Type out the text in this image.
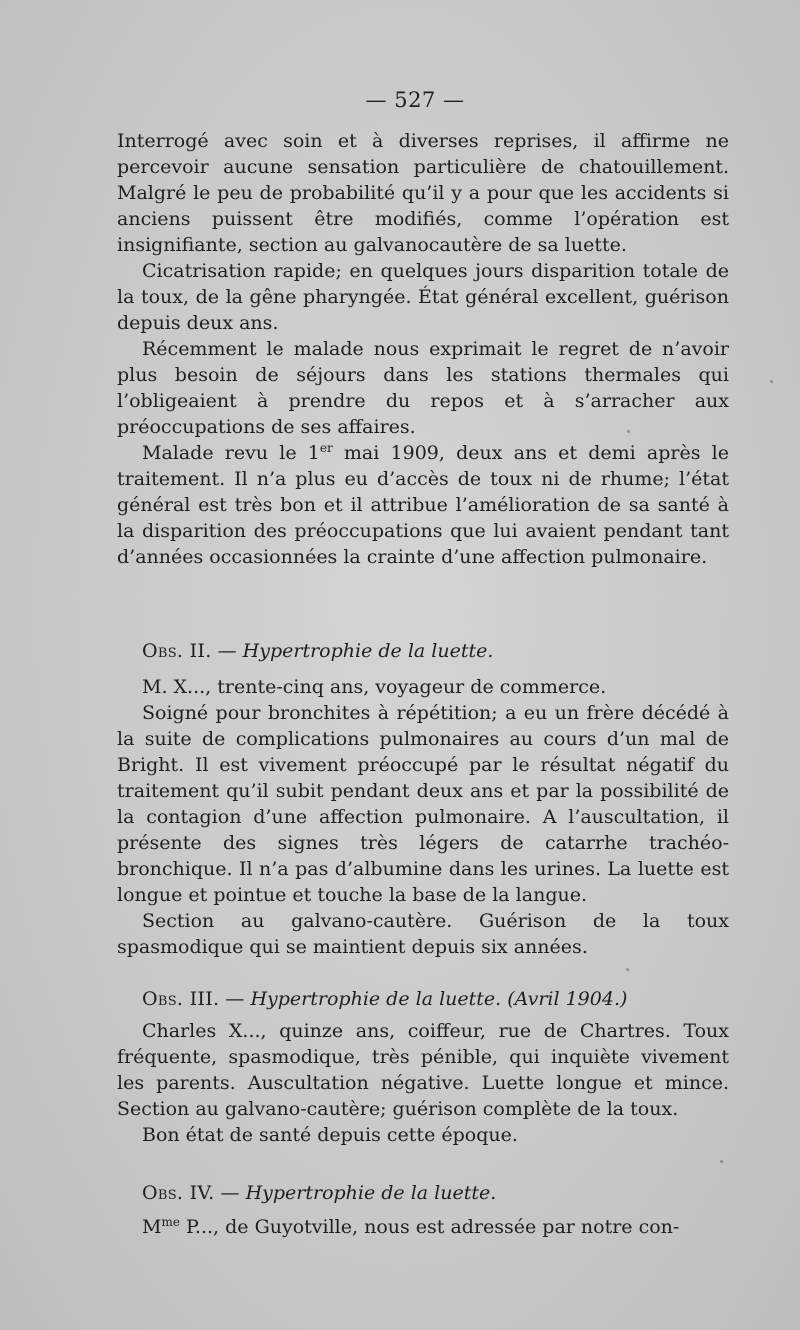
— 527 —

Interrogé avec soin et à diverses reprises, il affirme ne percevoir aucune sensation particulière de chatouillement. Malgré le peu de probabilité qu’il y a pour que les accidents si anciens puissent être modifiés, comme l’opération est insignifiante, section au galvanocautère de sa luette.

Cicatrisation rapide; en quelques jours disparition totale de la toux, de la gêne pharyngée. État général excellent, guérison depuis deux ans.

Récemment le malade nous exprimait le regret de n’avoir plus besoin de séjours dans les stations thermales qui l’obligeaient à prendre du repos et à s’arracher aux préoccupations de ses affaires.

Malade revu le 1er mai 1909, deux ans et demi après le traitement. Il n’a plus eu d’accès de toux ni de rhume; l’état général est très bon et il attribue l’amélioration de sa santé à la disparition des préoccupations que lui avaient pendant tant d’années occasionnées la crainte d’une affection pulmonaire.

Obs. II. — Hypertrophie de la luette.

M. X..., trente-cinq ans, voyageur de commerce.

Soigné pour bronchites à répétition; a eu un frère décédé à la suite de complications pulmonaires au cours d’un mal de Bright. Il est vivement préoccupé par le résultat négatif du traitement qu’il subit pendant deux ans et par la possibilité de la contagion d’une affection pulmonaire. A l’auscultation, il présente des signes très légers de catarrhe trachéo-bronchique. Il n’a pas d’albumine dans les urines. La luette est longue et pointue et touche la base de la langue.

Section au galvano-cautère. Guérison de la toux spasmodique qui se maintient depuis six années.

Obs. III. — Hypertrophie de la luette. (Avril 1904.)

Charles X..., quinze ans, coiffeur, rue de Chartres. Toux fréquente, spasmodique, très pénible, qui inquiète vivement les parents. Auscultation négative. Luette longue et mince. Section au galvano-cautère; guérison complète de la toux.

Bon état de santé depuis cette époque.

Obs. IV. — Hypertrophie de la luette.

$M^{me}$ P..., de Guyotville, nous est adressée par notre con-
